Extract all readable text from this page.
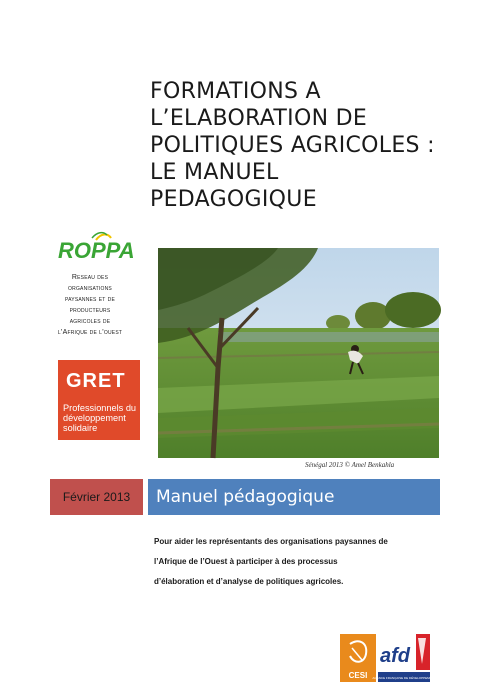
FORMATIONS A
L’ELABORATION DE
POLITIQUES AGRICOLES :
LE MANUEL
PEDAGOGIQUE
ROPPA
Reseau des
organisations
paysannes et de
producteurs
agricoles de
l’Afrique de l’ouest
GRET
Professionnels du
développement
solidaire
Sénégal 2013 © Amel Benkahla
Février 2013	Manuel pédagogique
Pour aider les représentants des organisations paysannes de
l’Afrique de l’Ouest à participer à des processus
d’élaboration et d’analyse de politiques agricoles.
CESI
afd
AGENCE FRANÇAISE DE DÉVELOPPEMENT
